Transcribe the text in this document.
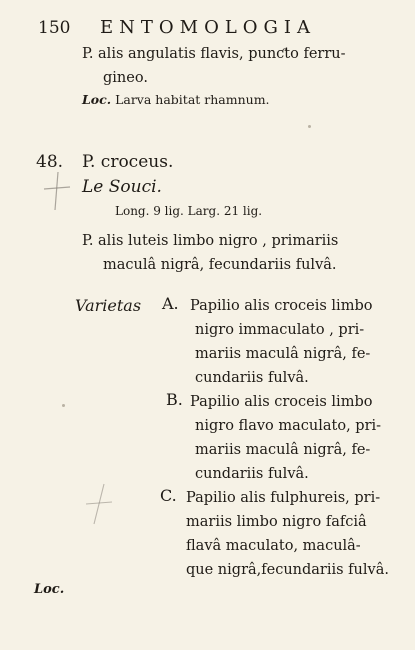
150 ENTOMOLOGIA
P. alis angulatis flavis, punƈto ferru-
gineo.
Loc. Larva habitat rhamnum.
48. P. croceus.
Le Souci.
Long. 9 lig. Larg. 21 lig.
P. alis luteis limbo nigro , primariis
maculâ nigrâ, fecundariis fulvâ.
Varietas A. Papilio alis croceis limbo
nigro immaculato , pri-
mariis maculâ nigrâ, fe-
cundariis fulvâ.
B. Papilio alis croceis limbo
nigro flavo maculato, pri-
mariis maculâ nigrâ, fe-
cundariis fulvâ.
C. Papilio alis fulphureis, pri-
mariis limbo nigro fafciâ
flavâ maculato, maculâ-
que nigrâ,fecundariis fulvâ.
Loc.
